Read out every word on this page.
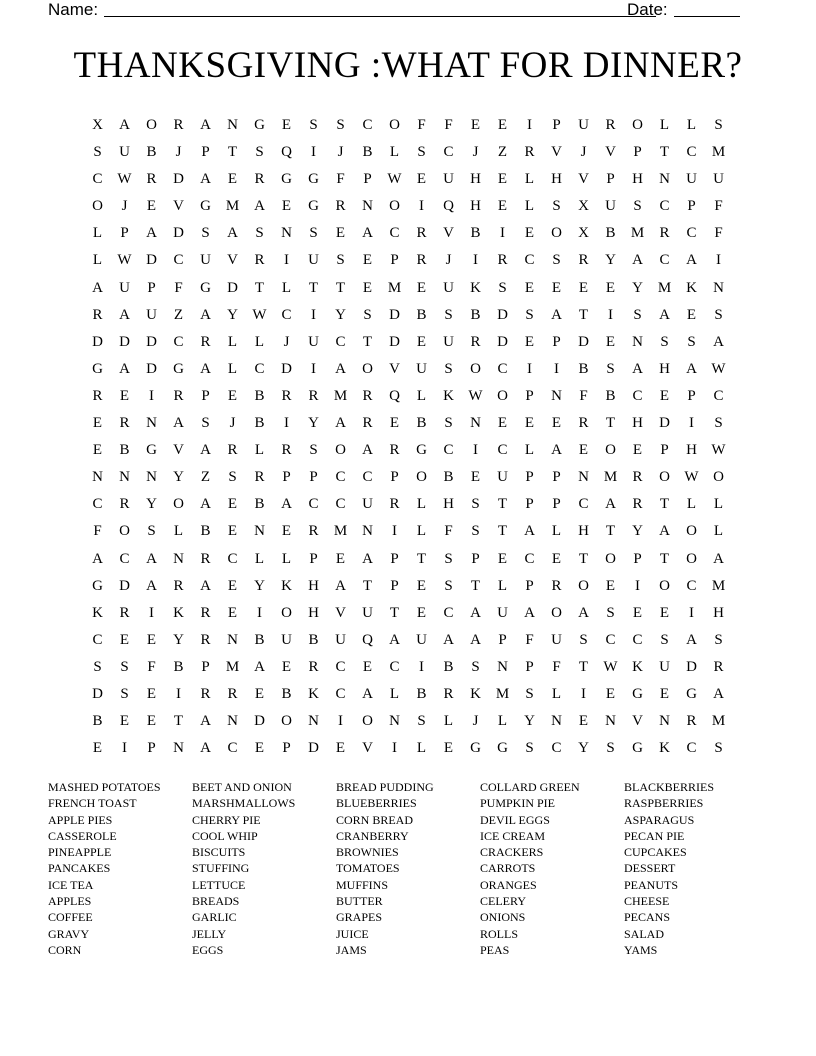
Name:	Date:
THANKSGIVING :WHAT FOR DINNER?
X	A	O	R	A	N	G	E	S	S	C	O	F	F	E	E	I	P	U	R	O	L	L	S
S	U	B	J	P	T	S	Q	I	J	B	L	S	C	J	Z	R	V	J	V	P	T	C	M
C W R	D	A	E	R	G	G	F	P	W	E	U	H	E	L	H	V	P	H	N	U	U
O	J	E	V	G M A	E	G	R	N	O	I	Q	H	E	L	S	X	U	S	C	P	F
L	P	A	D	S	A	S	N	S	E	A	C	R	V	B	I	E	O	X	B	M	R	C	F
L	W D	C	U	V	R	I	U	S	E	P	R	J	I	R	C	S	R	Y	A	C	A	I
A	U	P	F	G	D	T	L	T	T	E	M	E	U	K	S	E	E	E	E	Y M K	N
R	A	U	Z	A	Y W C	I	Y	S	D	B	S	B	D	S	A	T	I	S	A	E	S
D	D	D	C	R	L	L	J	U	C	T	D	E	U	R	D	E	P	D	E	N	S	S	A
G	A	D	G	A	L	C	D	I	A	O	V	U	S	O	C	I	I	B	S	A	H	A W
R	E	I	R	P	E	B	R	R	M	R	Q	L	K W O	P	N	F	B	C	E	P	C
E	R	N	A	S	J	B	I	Y	A	R	E	B	S	N	E	E	E	R	T	H	D	I	S
E	B	G	V	A	R	L	R	S	O	A	R	G	C	I	C	L	A	E	O	E	P	H W
N	N	N	Y	Z	S	R	P	P	C	C	P	O	B	E	U	P	P	N M	R	O W O
C	R	Y	O	A	E	B	A	C	C	U	R	L	H	S	T	P	P	C	A	R	T	L	L
F	O	S	L	B	E	N	E	R	M N	I	L	F	S	T	A	L	H	T	Y	A	O	L
A	C	A	N	R	C	L	L	P	E	A	P	T	S	P	E	C	E	T	O	P	T	O	A
G	D	A	R	A	E	Y	K	H	A	T	P	E	S	T	L	P	R	O	E	I	O	C	M
K	R	I	K	R	E	I	O	H	V	U	T	E	C	A	U	A	O	A	S	E	E	I	H
C	E	E	Y	R	N	B	U	B	U	Q	A	U	A	A	P	F	U	S	C	C	S	A	S
S	S	F	B	P	M A	E	R	C	E	C	I	B	S	N	P	F	T	W K	U	D	R
D	S	E	I	R	R	E	B	K	C	A	L	B	R	K M	S	L	I	E	G	E	G	A
B	E	E	T	A	N	D	O	N	I	O	N	S	L	J	L	Y	N	E	N	V	N	R	M
E	I	P	N	A	C	E	P	D	E	V	I	L	E	G	G	S	C	Y	S	G	K	C	S
MASHED POTATOES
FRENCH TOAST
APPLE PIES
CASSEROLE
PINEAPPLE
PANCAKES
ICE TEA
APPLES
COFFEE
GRAVY
CORN
BEET AND ONION
MARSHMALLOWS
CHERRY PIE
COOL WHIP
BISCUITS
STUFFING
LETTUCE
BREADS
GARLIC
JELLY
EGGS
BREAD PUDDING
BLUEBERRIES
CORN BREAD
CRANBERRY
BROWNIES
TOMATOES
MUFFINS
BUTTER
GRAPES
JUICE
JAMS
COLLARD GREEN
PUMPKIN PIE
DEVIL EGGS
ICE CREAM
CRACKERS
CARROTS
ORANGES
CELERY
ONIONS
ROLLS
PEAS
BLACKBERRIES
RASPBERRIES
ASPARAGUS
PECAN PIE
CUPCAKES
DESSERT
PEANUTS
CHEESE
PECANS
SALAD
YAMS
